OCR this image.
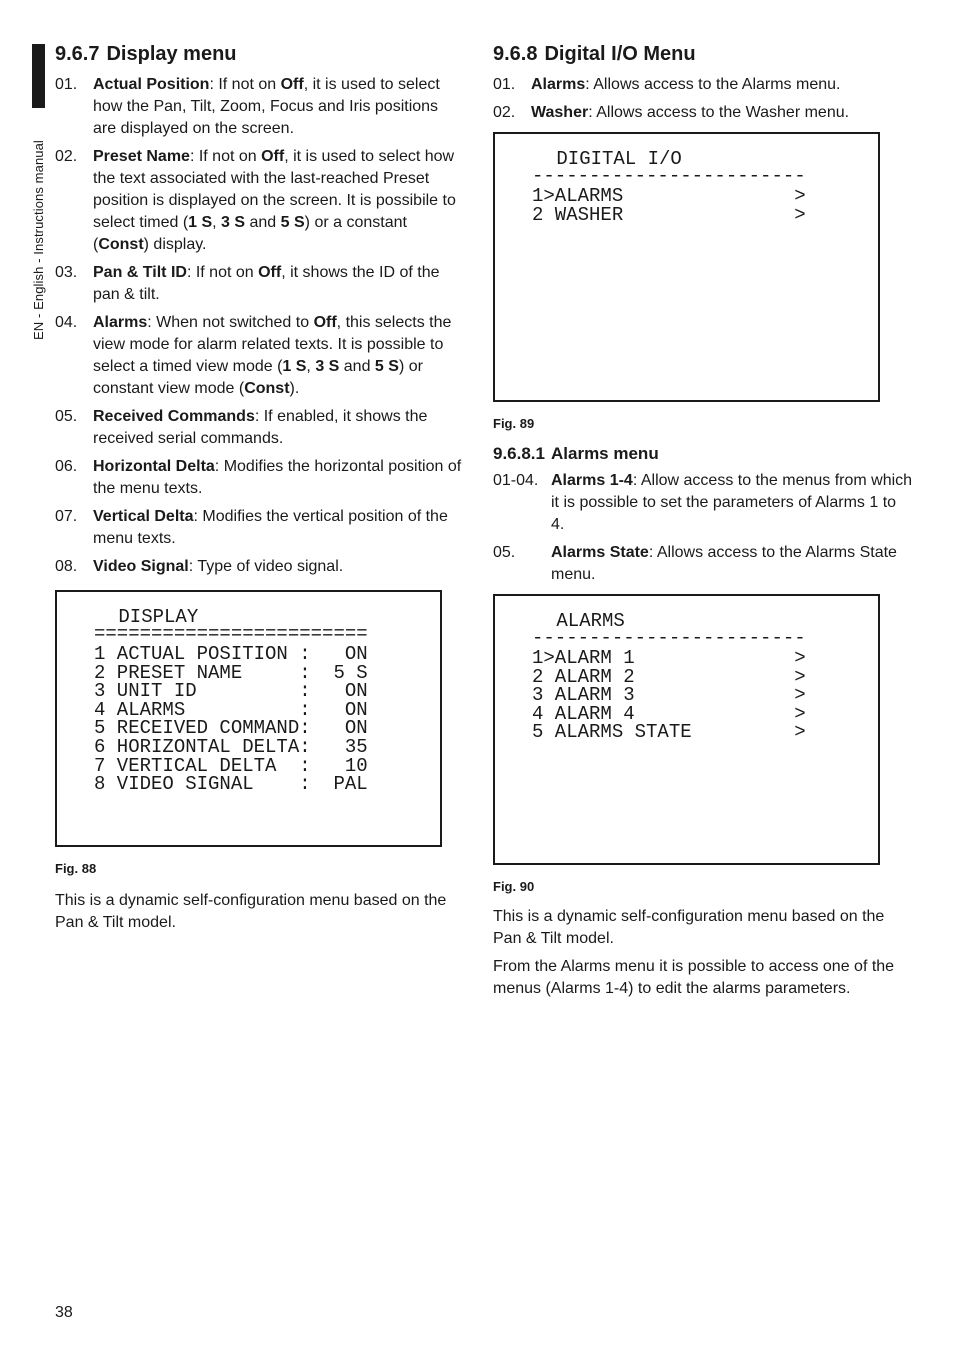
EN - English - Instructions manual
9.6.7 Display menu
01. Actual Position: If not on Off, it is used to select how the Pan, Tilt, Zoom, Focus and Iris positions are displayed on the screen.
02. Preset Name: If not on Off, it is used to select how the text associated with the last-reached Preset position is displayed on the screen. It is possibile to select timed (1 S, 3 S and 5 S) or a constant (Const) display.
03. Pan & Tilt ID: If not on Off, it shows the ID of the pan & tilt.
04. Alarms: When not switched to Off, this selects the view mode for alarm related texts. It is possible to select a timed view mode (1 S, 3 S and 5 S) or constant view mode (Const).
05. Received Commands: If enabled, it shows the received serial commands.
06. Horizontal Delta: Modifies the horizontal position of the menu texts.
07. Vertical Delta: Modifies the vertical position of the menu texts.
08. Video Signal: Type of video signal.
DISPLAY
========================
1 ACTUAL POSITION :   ON
2 PRESET NAME     :  5 S
3 UNIT ID         :   ON
4 ALARMS          :   ON
5 RECEIVED COMMAND:   ON
6 HORIZONTAL DELTA:   35
7 VERTICAL DELTA  :   10
8 VIDEO SIGNAL    :  PAL

Fig. 88

This is a dynamic self-configuration menu based on the Pan & Tilt model.

9.6.8 Digital I/O Menu
01. Alarms: Allows access to the Alarms menu.
02. Washer: Allows access to the Washer menu.
DIGITAL I/O
------------------------
1>ALARMS               >
2 WASHER               >

Fig. 89

9.6.8.1 Alarms menu
01-04. Alarms 1-4: Allow access to the menus from which it is possible to set the parameters of Alarms 1 to 4.
05.	Alarms State: Allows access to the Alarms State menu.
ALARMS
------------------------
1>ALARM 1              >
2 ALARM 2              >
3 ALARM 3              >
4 ALARM 4              >
5 ALARMS STATE         >

Fig. 90

This is a dynamic self-configuration menu based on the Pan & Tilt model.

From the Alarms menu it is possible to access one of the menus (Alarms 1-4) to edit the alarms parameters.

38
